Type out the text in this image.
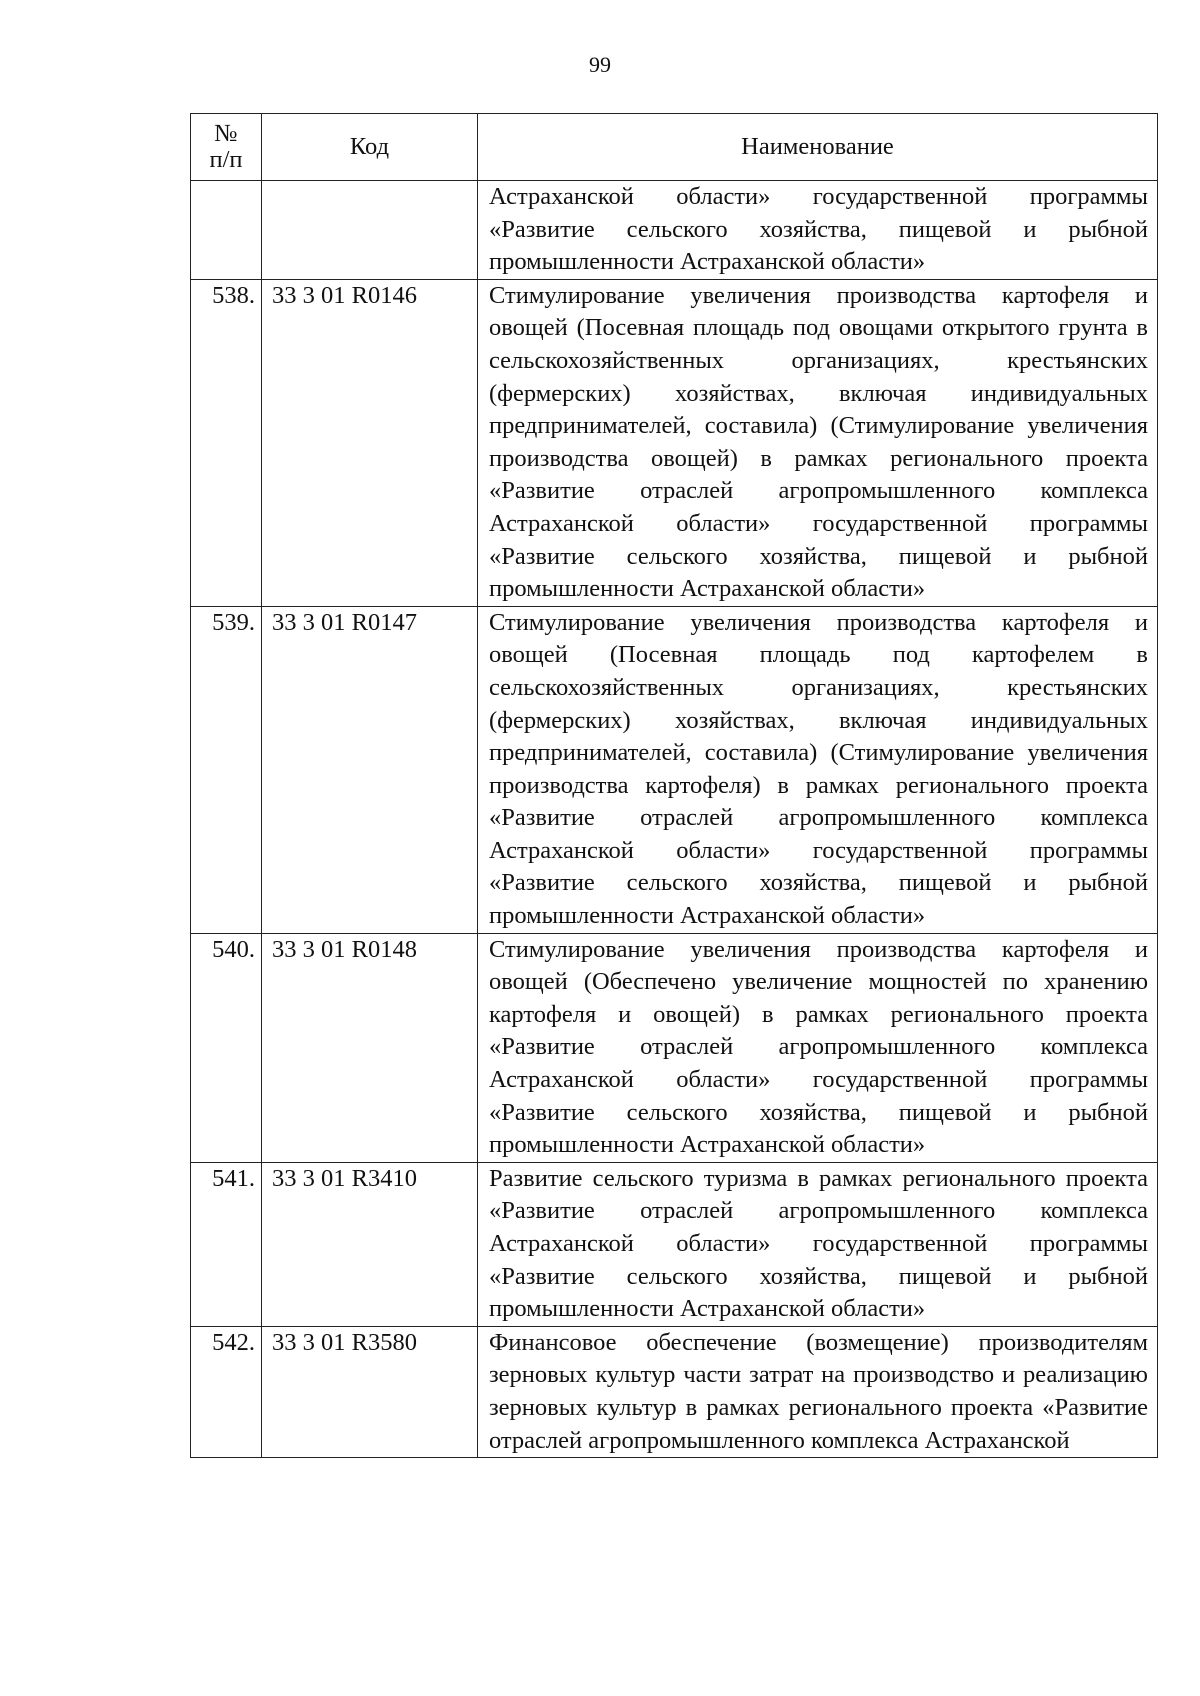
99
№
п/п	Код	Наименование
		Астраханской области» государственной программы «Развитие сельского хозяйства, пищевой и рыбной промышленности Астраханской области»
538.	33 3 01 R0146	Стимулирование увеличения производства картофеля и овощей (Посевная площадь под овощами открытого грунта в сельскохозяйственных организациях, крестьянских (фермерских) хозяйствах, включая индивидуальных предпринимателей, составила) (Стимулирование увеличения производства овощей) в рамках регионального проекта «Развитие отраслей агропромышленного комплекса Астраханской области» государственной программы «Развитие сельского хозяйства, пищевой и рыбной промышленности Астраханской области»
539.	33 3 01 R0147	Стимулирование увеличения производства картофеля и овощей (Посевная площадь под картофелем в сельскохозяйственных организациях, крестьянских (фермерских) хозяйствах, включая индивидуальных предпринимателей, составила) (Стимулирование увеличения производства картофеля) в рамках регионального проекта «Развитие отраслей агропромышленного комплекса Астраханской области» государственной программы «Развитие сельского хозяйства, пищевой и рыбной промышленности Астраханской области»
540.	33 3 01 R0148	Стимулирование увеличения производства картофеля и овощей (Обеспечено увеличение мощностей по хранению картофеля и овощей) в рамках регионального проекта «Развитие отраслей агропромышленного комплекса Астраханской области» государственной программы «Развитие сельского хозяйства, пищевой и рыбной промышленности Астраханской области»
541.	33 3 01 R3410	Развитие сельского туризма в рамках регионального проекта «Развитие отраслей агропромышленного комплекса Астраханской области» государственной программы «Развитие сельского хозяйства, пищевой и рыбной промышленности Астраханской области»
542.	33 3 01 R3580	Финансовое обеспечение (возмещение) производителям зерновых культур части затрат на производство и реализацию зерновых культур в рамках регионального проекта «Развитие отраслей агропромышленного комплекса Астраханской
